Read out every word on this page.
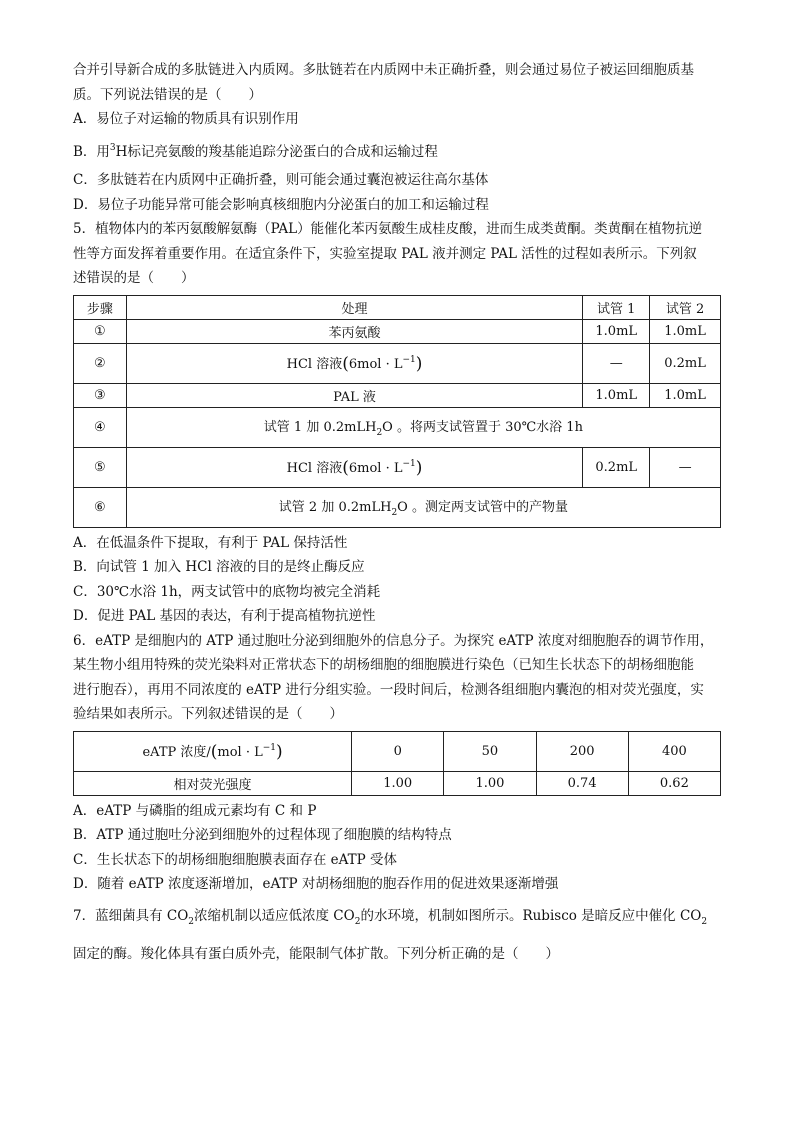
合并引导新合成的多肽链进入内质网。多肽链若在内质网中未正确折叠，则会通过易位子被运回细胞质基
质。下列说法错误的是（　　）
A．易位子对运输的物质具有识别作用
B．用$^3$H标记亮氨酸的羧基能追踪分泌蛋白的合成和运输过程
C．多肽链若在内质网中正确折叠，则可能会通过囊泡被运往高尔基体
D．易位子功能异常可能会影响真核细胞内分泌蛋白的加工和运输过程
5．植物体内的苯丙氨酸解氨酶（PAL）能催化苯丙氨酸生成桂皮酸，进而生成类黄酮。类黄酮在植物抗逆
性等方面发挥着重要作用。在适宜条件下，实验室提取 PAL 液并测定 PAL 活性的过程如表所示。下列叙
述错误的是（　　）
步骤	处理	试管 1	试管 2
①	苯丙氨酸	1.0mL	1.0mL
②	HCl 溶液$(6mol \cdot L^{-1})$	—	0.2mL
③	PAL 液	1.0mL	1.0mL
④	试管 1 加 0.2mLH$_2$O 。将两支试管置于 30℃水浴 1h		
⑤	HCl 溶液$(6mol \cdot L^{-1})$	0.2mL	—
⑥	试管 2 加 0.2mLH$_2$O 。测定两支试管中的产物量		
A．在低温条件下提取，有利于 PAL 保持活性
B．向试管 1 加入 HCl 溶液的目的是终止酶反应
C．30℃水浴 1h，两支试管中的底物均被完全消耗
D．促进 PAL 基因的表达，有利于提高植物抗逆性
6．eATP 是细胞内的 ATP 通过胞吐分泌到细胞外的信息分子。为探究 eATP 浓度对细胞胞吞的调节作用，
某生物小组用特殊的荧光染料对正常状态下的胡杨细胞的细胞膜进行染色（已知生长状态下的胡杨细胞能
进行胞吞），再用不同浓度的 eATP 进行分组实验。一段时间后，检测各组细胞内囊泡的相对荧光强度，实
验结果如表所示。下列叙述错误的是（　　）
eATP 浓度$/(mol \cdot L^{-1})$	0	50	200	400
相对荧光强度	1.00	1.00	0.74	0.62
A．eATP 与磷脂的组成元素均有 C 和 P
B．ATP 通过胞吐分泌到细胞外的过程体现了细胞膜的结构特点
C．生长状态下的胡杨细胞细胞膜表面存在 eATP 受体
D．随着 eATP 浓度逐渐增加，eATP 对胡杨细胞的胞吞作用的促进效果逐渐增强
7．蓝细菌具有 $CO_2$浓缩机制以适应低浓度 $CO_2$的水环境，机制如图所示。Rubisco 是暗反应中催化 $CO_2$
固定的酶。羧化体具有蛋白质外壳，能限制气体扩散。下列分析正确的是（　　）
